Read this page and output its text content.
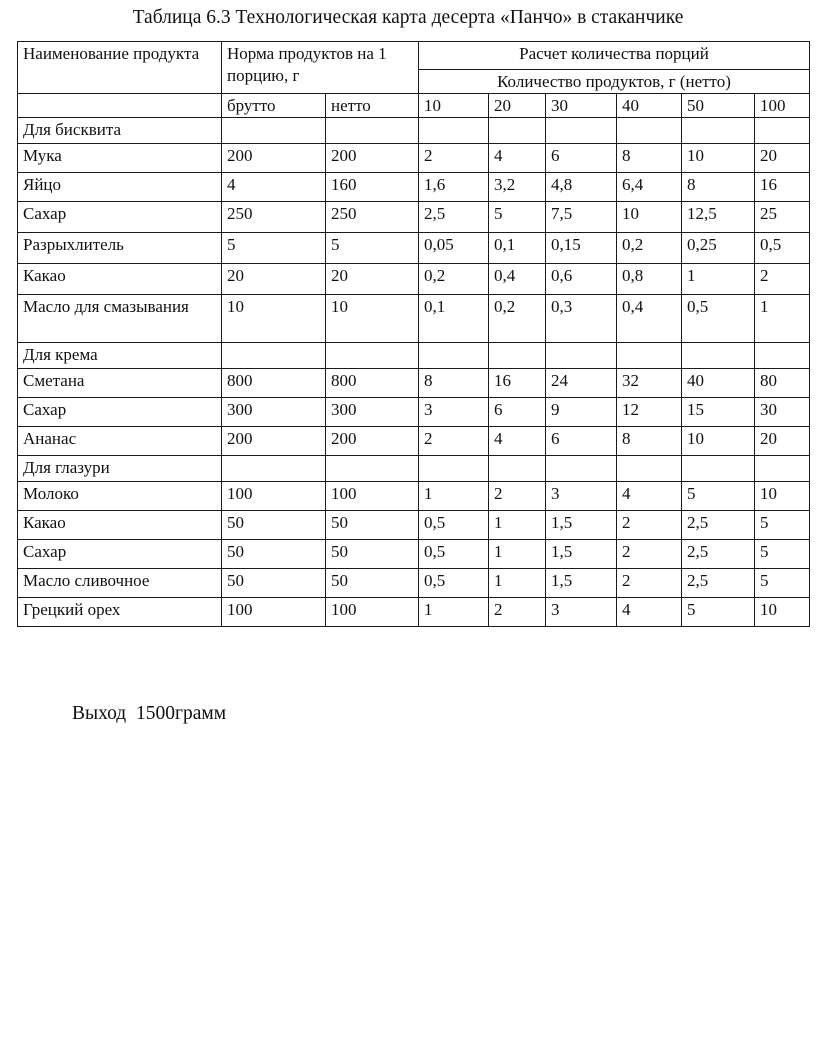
Таблица 6.3 Технологическая карта десерта «Панчо» в стаканчике
Наименование продукта	Норма продуктов на 1 порцию, г		Расчет количества порций					
			Количество продуктов, г (нетто)					
	брутто	нетто	10	20	30	40	50	100
Для бисквита								
Мука	200	200	2	4	6	8	10	20
Яйцо	4	160	1,6	3,2	4,8	6,4	8	16
Сахар	250	250	2,5	5	7,5	10	12,5	25
Разрыхлитель	5	5	0,05	0,1	0,15	0,2	0,25	0,5
Какао	20	20	0,2	0,4	0,6	0,8	1	2
Масло для смазывания	10	10	0,1	0,2	0,3	0,4	0,5	1
Для крема								
Сметана	800	800	8	16	24	32	40	80
Сахар	300	300	3	6	9	12	15	30
Ананас	200	200	2	4	6	8	10	20
Для глазури								
Молоко	100	100	1	2	3	4	5	10
Какао	50	50	0,5	1	1,5	2	2,5	5
Сахар	50	50	0,5	1	1,5	2	2,5	5
Масло сливочное	50	50	0,5	1	1,5	2	2,5	5
Грецкий орех	100	100	1	2	3	4	5	10
Выход  1500грамм
